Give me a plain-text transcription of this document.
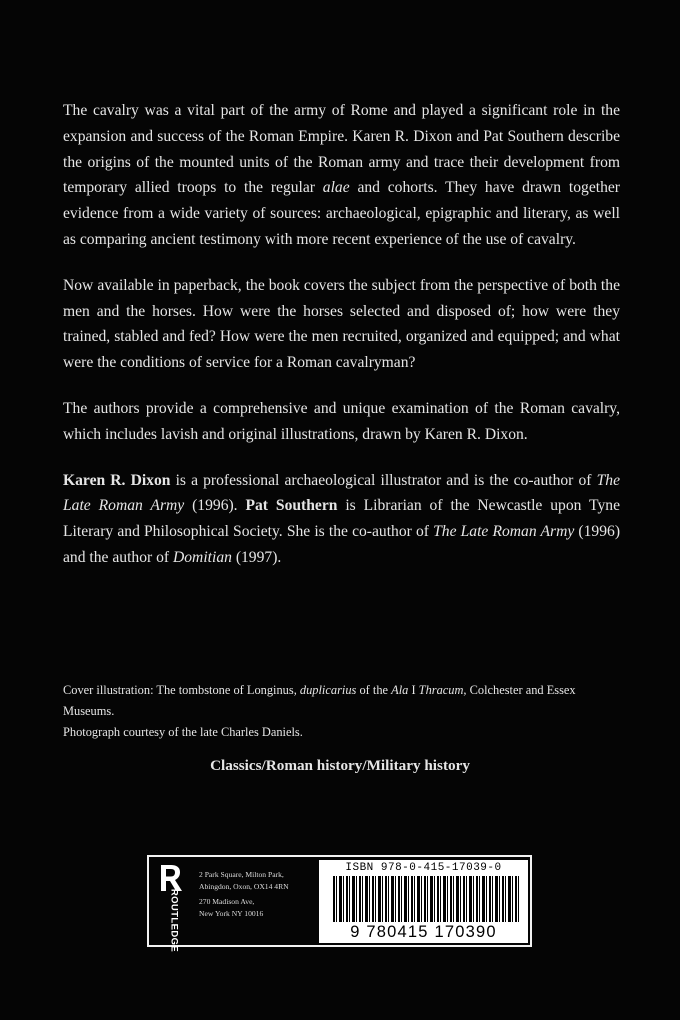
The cavalry was a vital part of the army of Rome and played a significant role in the expansion and success of the Roman Empire. Karen R. Dixon and Pat Southern describe the origins of the mounted units of the Roman army and trace their development from temporary allied troops to the regular alae and cohorts. They have drawn together evidence from a wide variety of sources: archaeological, epigraphic and literary, as well as comparing ancient testimony with more recent experience of the use of cavalry.

Now available in paperback, the book covers the subject from the perspective of both the men and the horses. How were the horses selected and disposed of; how were they trained, stabled and fed? How were the men recruited, organized and equipped; and what were the conditions of service for a Roman cavalryman?

The authors provide a comprehensive and unique examination of the Roman cavalry, which includes lavish and original illustrations, drawn by Karen R. Dixon.

Karen R. Dixon is a professional archaeological illustrator and is the co-author of The Late Roman Army (1996). Pat Southern is Librarian of the Newcastle upon Tyne Literary and Philosophical Society. She is the co-author of The Late Roman Army (1996) and the author of Domitian (1997).

Cover illustration: The tombstone of Longinus, duplicarius of the Ala I Thracum, Colchester and Essex Museums.
Photograph courtesy of the late Charles Daniels.
Classics/Roman history/Military history
ROUTLEDGE
2 Park Square, Milton Park,
Abingdon, Oxon, OX14 4RN
270 Madison Ave,
New York NY 10016
ISBN 978-0-415-17039-0
9 780415 170390
